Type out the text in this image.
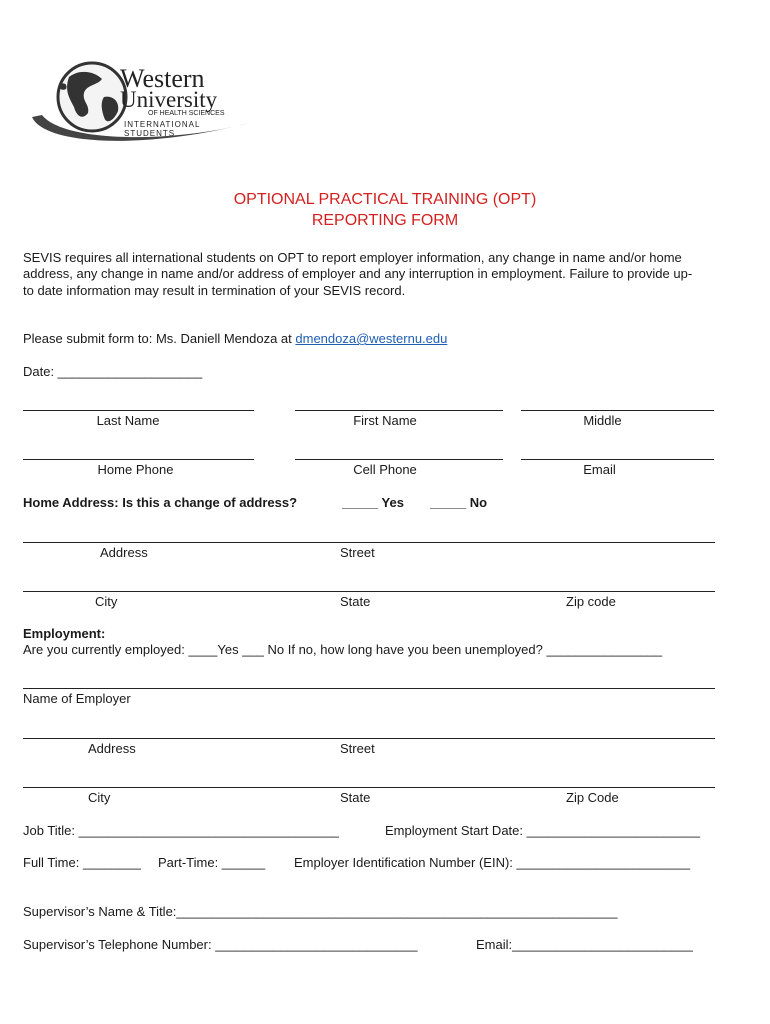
Western
University
OF HEALTH SCIENCES
INTERNATIONAL
STUDENTS
OPTIONAL PRACTICAL TRAINING (OPT)
REPORTING FORM
SEVIS requires all international students on OPT to report employer information, any change in name and/or home
address, any change in name and/or address of employer and any interruption in employment. Failure to provide up-
to date information may result in termination of your SEVIS record.
Please submit form to: Ms. Daniell Mendoza at dmendoza@westernu.edu
Date: ____________________
Last Name	First Name	Middle
Home Phone	Cell Phone	Email
Home Address: Is this a change of address?	_____ Yes _____ No
Address	Street
City	State	Zip code
Employment:
Are you currently employed: ____Yes ___ No If no, how long have you been unemployed? ________________
Name of Employer
Address	Street
City	State	Zip Code
Job Title: ____________________________________	Employment Start Date: ________________________
Full Time: ________ Part-Time: ______ Employer Identification Number (EIN): ________________________
Supervisor’s Name & Title:_____________________________________________________________
Supervisor’s Telephone Number: ____________________________	Email:_________________________
